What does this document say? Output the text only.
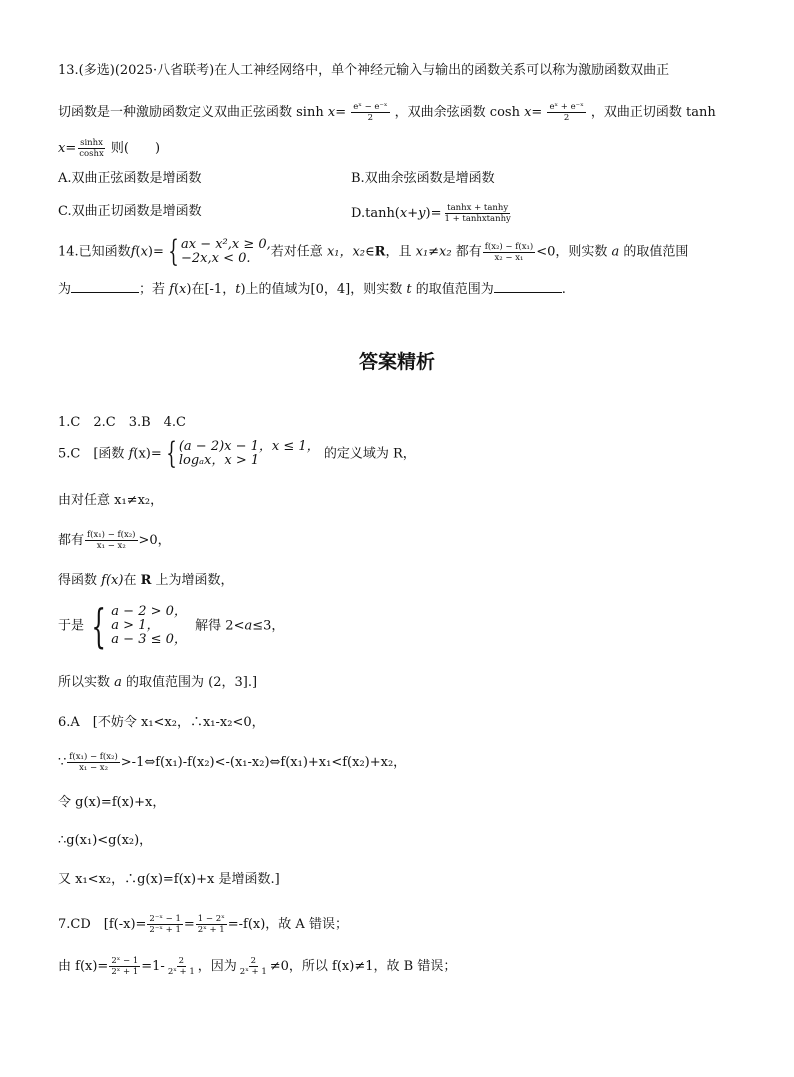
13.(多选)(2025·八省联考)在人工神经网络中，单个神经元输入与输出的函数关系可以称为激励函数双曲正
切函数是一种激励函数定义双曲正弦函数 $\sinh x= \frac{\text{eˣ − e⁻ˣ}}{2}$ ，双曲余弦函数 $\cosh x= \frac{\text{eˣ + e⁻ˣ}}{2}$ ，双曲正切函数 tanh
$x= \frac{\sinh x}{\cosh x}$ 则(　　)
A.双曲正弦函数是增函数	B.双曲余弦函数是增函数
C.双曲正切函数是增函数	$D.\tanh(x+y)= \frac{\tanh x + \tanh y}{\text{1 + tanhxtanhy}}$
14.已知函数f(x)= { ax − x²,x ≥ 0,
−2x,x < 0.	若对任意 x₁，x₂∈R，且 x₁≠x₂ 都有 $\frac{\text{f(x₂) − f(x₁)}}{\text{x₂ − x₁}} <0$，则实数 a 的取值范围
为	；若 f(x)在[-1，t)上的值域为[0，4]，则实数 t 的取值范围为	.
答案精析
1.C　2.C　3.B　4.C
5.C　[函数 f(x)= { (a − 2)x − 1，x ≤ 1，
logₐx，x > 1	的定义域为 R，
由对任意 x₁≠x₂，
都有 $\frac{\text{f(x₁) − f(x₂)}}{\text{x₁ − x₂}} >0$，
得函数 f(x)在 R 上为增函数，
于是 { a − 2 > 0，
a > 1，
a − 3 ≤ 0，
解得 2<a≤3，
所以实数 a 的取值范围为 (2，3].]
6.A　[不妨令 x₁<x₂，∴x₁-x₂<0，
∵ $\frac{\text{f(x₁) − f(x₂)}}{\text{x₁ − x₂}}$ >-1⇔f(x₁)-f(x₂)<-(x₁-x₂)⇔f(x₁)+x₁<f(x₂)+x₂，
令 g(x)=f(x)+x，
∴g(x₁)<g(x₂)，
又 x₁<x₂，∴g(x)=f(x)+x 是增函数.]
7.CD　[$f(-x)= \frac{\text{2⁻ˣ − 1}}{\text{2⁻ˣ + 1}} = \frac{\text{1 − 2ˣ}}{\text{2ˣ + 1}} =-f(x)$，故 A 错误；
由 $f(x)= \frac{\text{2ˣ − 1}}{\text{2ˣ + 1}} =1- \frac{2}{\text{2ˣ + 1}}$ ，因为 $\frac{2}{\text{2ˣ + 1}} \ne 0$，所以 f(x)≠1，故 B 错误；
